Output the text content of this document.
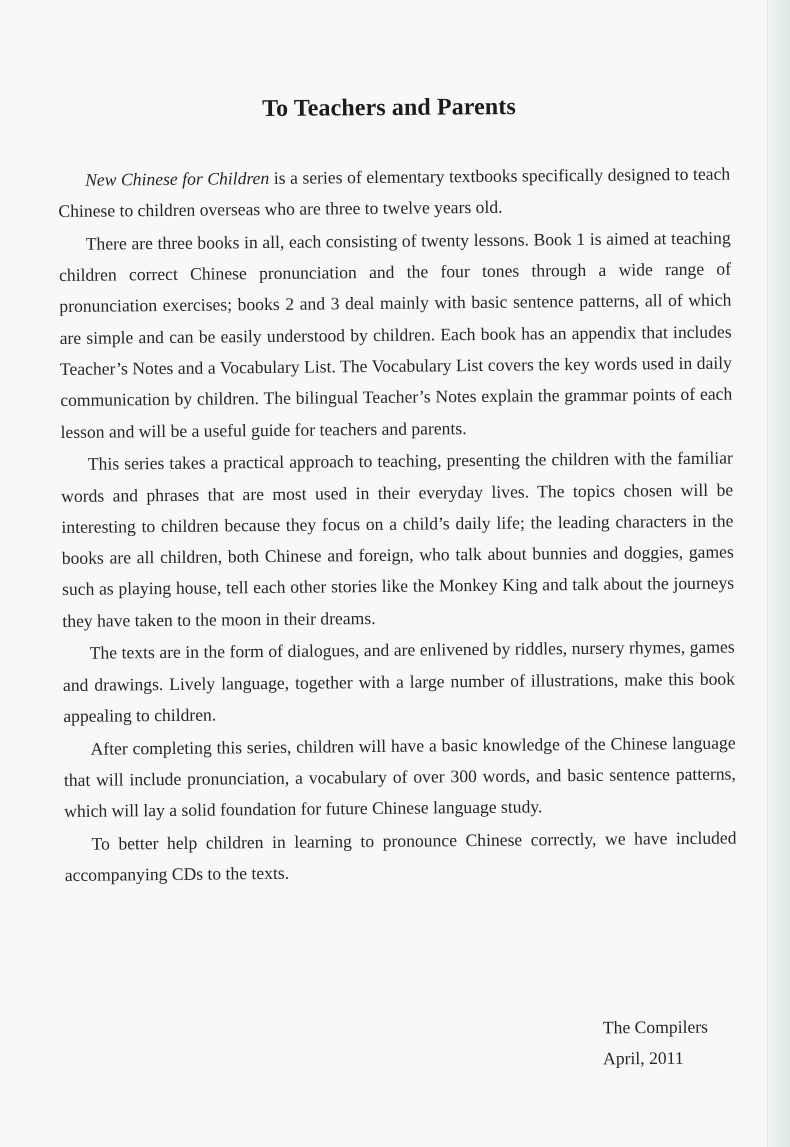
To Teachers and Parents

New Chinese for Children is a series of elementary textbooks specifically designed to teach Chinese to children overseas who are three to twelve years old.

There are three books in all, each consisting of twenty lessons. Book 1 is aimed at teaching children correct Chinese pronunciation and the four tones through a wide range of pronunciation exercises; books 2 and 3 deal mainly with basic sentence patterns, all of which are simple and can be easily understood by children. Each book has an appendix that includes Teacher’s Notes and a Vocabulary List. The Vocabulary List covers the key words used in daily communication by children. The bilingual Teacher’s Notes explain the grammar points of each lesson and will be a useful guide for teachers and parents.

This series takes a practical approach to teaching, presenting the children with the familiar words and phrases that are most used in their everyday lives. The topics chosen will be interesting to children because they focus on a child’s daily life; the leading characters in the books are all children, both Chinese and foreign, who talk about bunnies and doggies, games such as playing house, tell each other stories like the Monkey King and talk about the journeys they have taken to the moon in their dreams.

The texts are in the form of dialogues, and are enlivened by riddles, nursery rhymes, games and drawings. Lively language, together with a large number of illustrations, make this book appealing to children.

After completing this series, children will have a basic knowledge of the Chinese language that will include pronunciation, a vocabulary of over 300 words, and basic sentence patterns, which will lay a solid foundation for future Chinese language study.

To better help children in learning to pronounce Chinese correctly, we have included accompanying CDs to the texts.

The Compilers
April, 2011
